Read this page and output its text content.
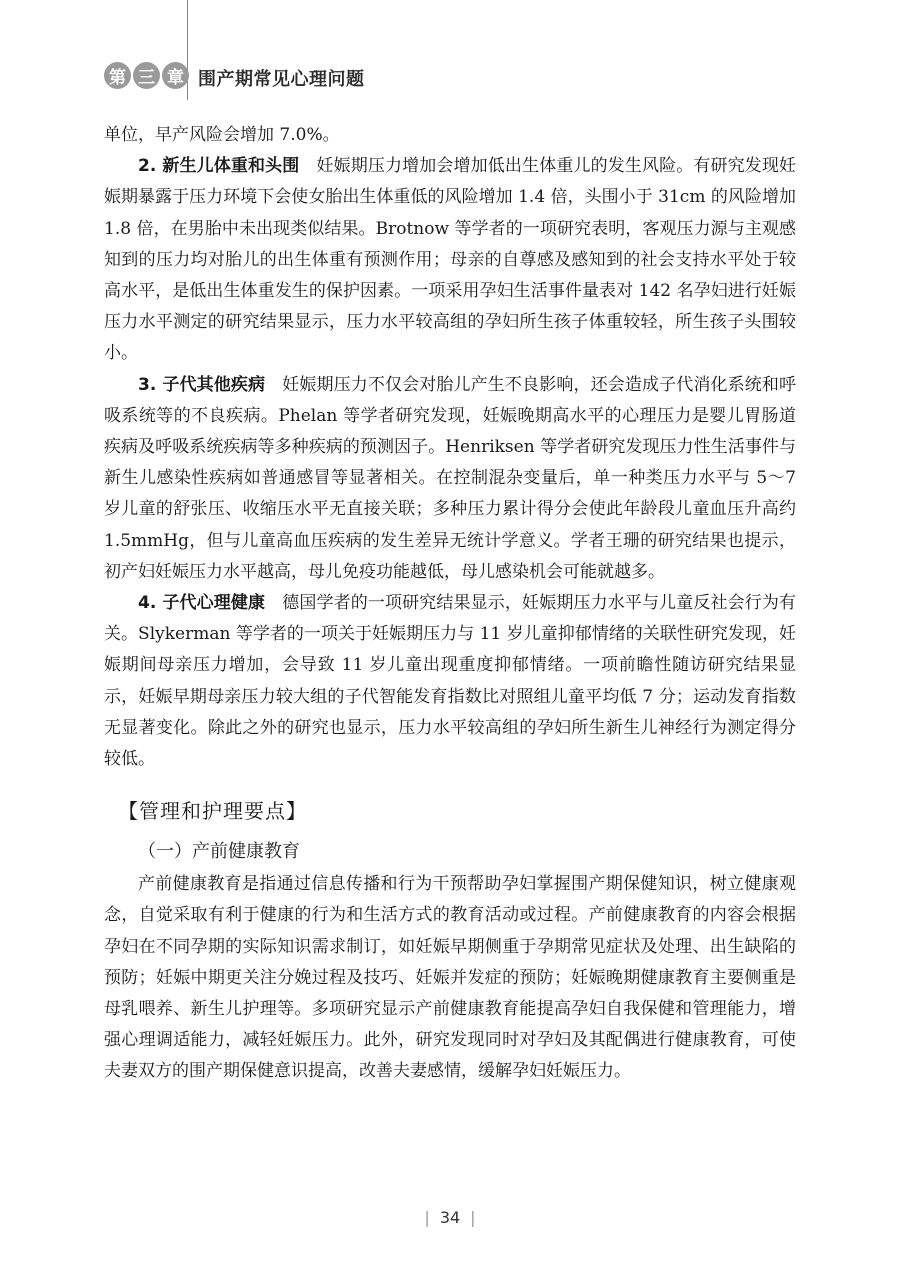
第 三 章 围产期常见心理问题

单位，早产风险会增加 7.0%。

2. 新生儿体重和头围　 妊娠期压力增加会增加低出生体重儿的发生风险。有研究发现妊娠期暴露于压力环境下会使女胎出生体重低的风险增加 1.4 倍，头围小于 31cm 的风险增加 1.8 倍，在男胎中未出现类似结果。Brotnow 等学者的一项研究表明，客观压力源与主观感知到的压力均对胎儿的出生体重有预测作用；母亲的自尊感及感知到的社会支持水平处于较高水平，是低出生体重发生的保护因素。一项采用孕妇生活事件量表对 142 名孕妇进行妊娠压力水平测定的研究结果显示，压力水平较高组的孕妇所生孩子体重较轻，所生孩子头围较小。

3. 子代其他疾病　 妊娠期压力不仅会对胎儿产生不良影响，还会造成子代消化系统和呼吸系统等的不良疾病。Phelan 等学者研究发现，妊娠晚期高水平的心理压力是婴儿胃肠道疾病及呼吸系统疾病等多种疾病的预测因子。Henriksen 等学者研究发现压力性生活事件与新生儿感染性疾病如普通感冒等显著相关。在控制混杂变量后，单一种类压力水平与 5～7 岁儿童的舒张压、收缩压水平无直接关联；多种压力累计得分会使此年龄段儿童血压升高约 1.5mmHg，但与儿童高血压疾病的发生差异无统计学意义。学者王珊的研究结果也提示，初产妇妊娠压力水平越高，母儿免疫功能越低，母儿感染机会可能就越多。

4. 子代心理健康　 德国学者的一项研究结果显示，妊娠期压力水平与儿童反社会行为有关。Slykerman 等学者的一项关于妊娠期压力与 11 岁儿童抑郁情绪的关联性研究发现，妊娠期间母亲压力增加，会导致 11 岁儿童出现重度抑郁情绪。一项前瞻性随访研究结果显示，妊娠早期母亲压力较大组的子代智能发育指数比对照组儿童平均低 7 分；运动发育指数无显著变化。除此之外的研究也显示，压力水平较高组的孕妇所生新生儿神经行为测定得分较低。

【管理和护理要点】
（一）产前健康教育

产前健康教育是指通过信息传播和行为干预帮助孕妇掌握围产期保健知识，树立健康观念，自觉采取有利于健康的行为和生活方式的教育活动或过程。产前健康教育的内容会根据孕妇在不同孕期的实际知识需求制订，如妊娠早期侧重于孕期常见症状及处理、出生缺陷的预防；妊娠中期更关注分娩过程及技巧、妊娠并发症的预防；妊娠晚期健康教育主要侧重是母乳喂养、新生儿护理等。多项研究显示产前健康教育能提高孕妇自我保健和管理能力，增强心理调适能力，减轻妊娠压力。此外，研究发现同时对孕妇及其配偶进行健康教育，可使夫妻双方的围产期保健意识提高，改善夫妻感情，缓解孕妇妊娠压力。

| 34 |
